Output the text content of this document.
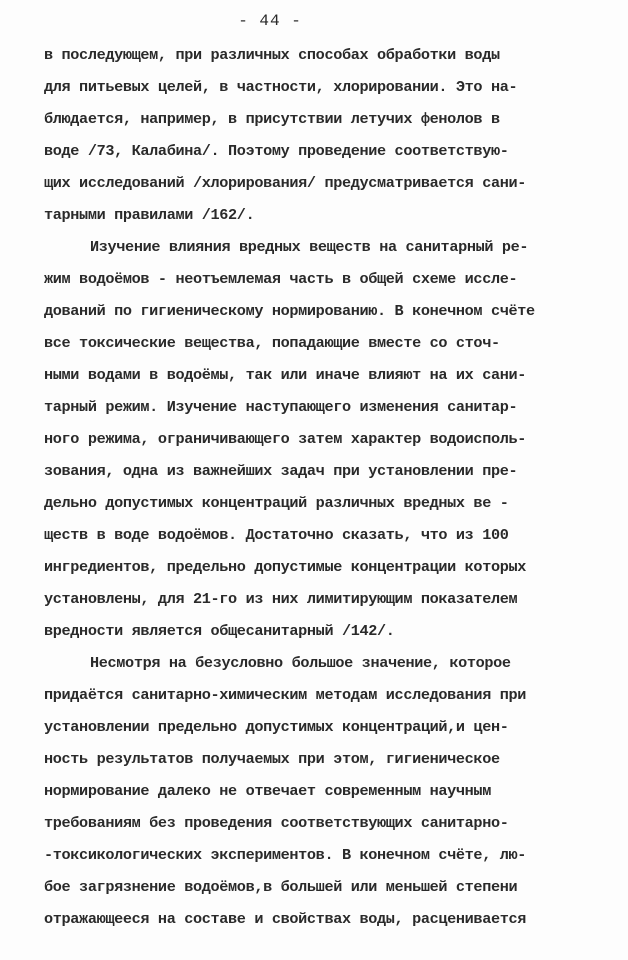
- 44 -
в последующем, при различных способах обработки воды
для питьевых целей, в частности, хлорировании. Это на-
блюдается, например, в присутствии летучих фенолов в
воде /73, Калабина/. Поэтому проведение соответствую-
щих исследований /хлорирования/ предусматривается сани-
тарными правилами /162/.
Изучение влияния вредных веществ на санитарный ре-
жим водоёмов - неотъемлемая часть в общей схеме иссле-
дований по гигиеническому нормированию. В конечном счёте
все токсические вещества, попадающие вместе со сточ-
ными водами в водоёмы, так или иначе влияют на их сани-
тарный режим. Изучение наступающего изменения санитар-
ного режима, ограничивающего затем характер водоисполь-
зования, одна из важнейших задач при установлении пре-
дельно допустимых концентраций различных вредных ве -
ществ в воде водоёмов. Достаточно сказать, что из 100
ингредиентов, предельно допустимые концентрации которых
установлены, для 21-го из них лимитирующим показателем
вредности является общесанитарный /142/.
Несмотря на безусловно большое значение, которое
придаётся санитарно-химическим методам исследования при
установлении предельно допустимых концентраций,и цен-
ность результатов получаемых при этом, гигиеническое
нормирование далеко не отвечает современным научным
требованиям без проведения соответствующих санитарно-
-токсикологических экспериментов. В конечном счёте, лю-
бое загрязнение водоёмов,в большей или меньшей степени
отражающееся на составе и свойствах воды, расценивается
